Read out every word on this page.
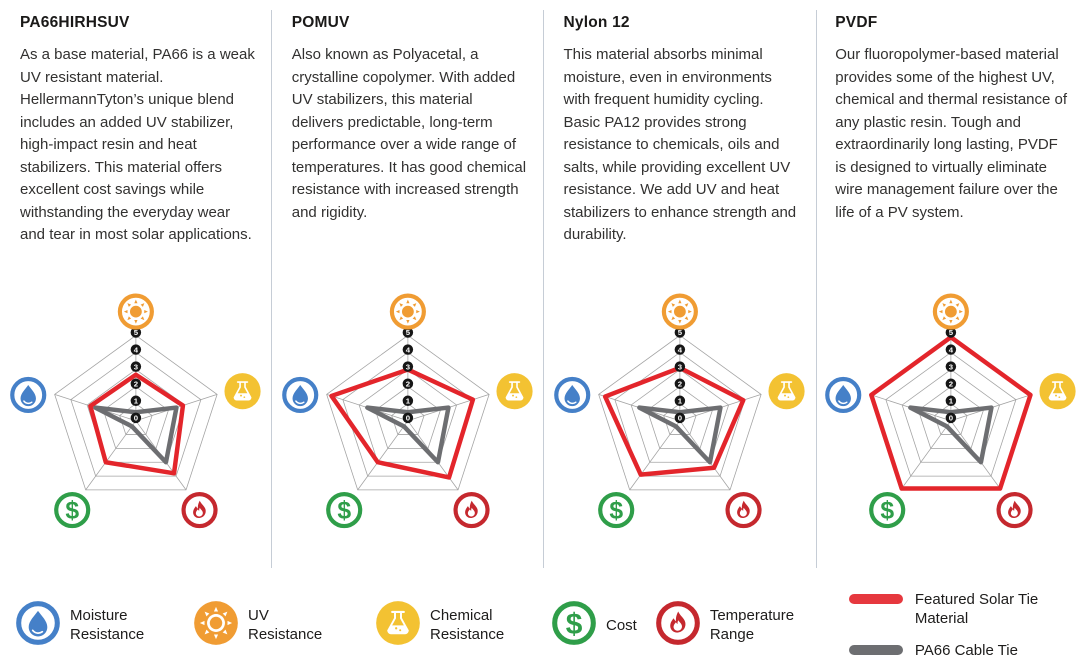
PA66HIRHSUV

As a base material, PA66 is a weak UV resistant material. HellermannTyton’s unique blend includes an added UV stabilizer, high-impact resin and heat stabilizers. This material offers excellent cost savings while withstanding the everyday wear and tear in most solar applications.

0
1
2
3
4
5
$
POMUV

Also known as Polyacetal, a crystalline copolymer. With added UV stabilizers, this material delivers predictable, long-term performance over a wide range of temperatures. It has good chemical resistance with increased strength and rigidity.

0
1
2
3
4
5
$
Nylon 12

This material absorbs minimal moisture, even in environments with frequent humidity cycling. Basic PA12 provides strong resistance to chemicals, oils and salts, while providing excellent UV resistance. We add UV and heat stabilizers to enhance strength and durability.

0
1
2
3
4
5
$
PVDF

Our fluoropolymer-based material provides some of the highest UV, chemical and thermal resistance of any plastic resin. Tough and extraordinarily long lasting, PVDF is designed to virtually eliminate wire management failure over the life of a PV system.

0
1
2
3
4
5
$
Moisture Resistance
UV Resistance
Chemical Resistance	$ Cost
Temperature Range
Featured Solar Tie Material
PA66 Cable Tie
